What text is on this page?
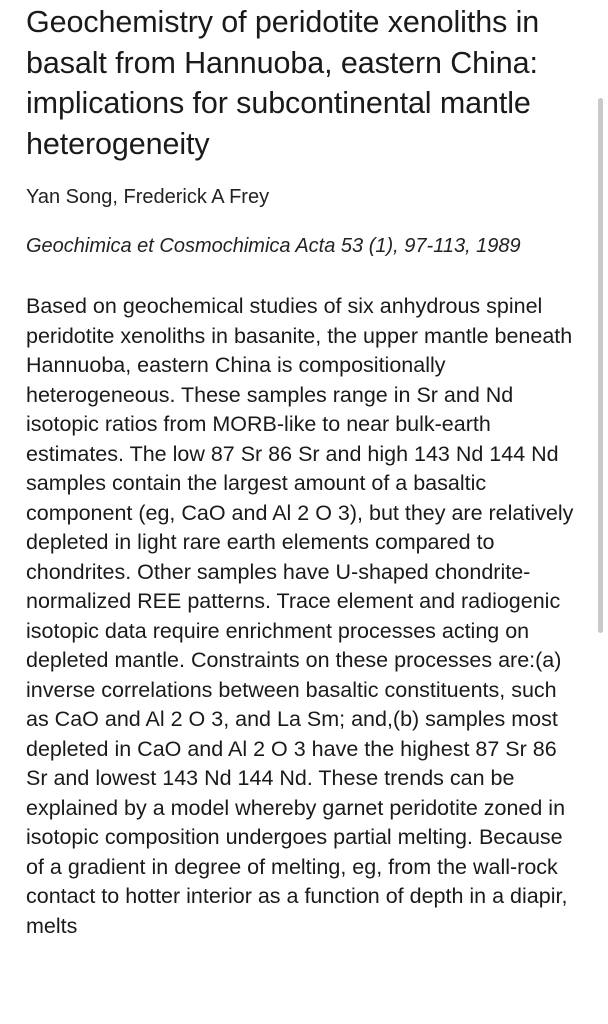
Geochemistry of peridotite xenoliths in basalt from Hannuoba, eastern China: implications for subcontinental mantle heterogeneity
Yan Song, Frederick A Frey
Geochimica et Cosmochimica Acta 53 (1), 97-113, 1989
Based on geochemical studies of six anhydrous spinel peridotite xenoliths in basanite, the upper mantle beneath Hannuoba, eastern China is compositionally heterogeneous. These samples range in Sr and Nd isotopic ratios from MORB-like to near bulk-earth estimates. The low 87 Sr 86 Sr and high 143 Nd 144 Nd samples contain the largest amount of a basaltic component (eg, CaO and Al 2 O 3), but they are relatively depleted in light rare earth elements compared to chondrites. Other samples have U-shaped chondrite-normalized REE patterns. Trace element and radiogenic isotopic data require enrichment processes acting on depleted mantle. Constraints on these processes are:(a) inverse correlations between basaltic constituents, such as CaO and Al 2 O 3, and La Sm; and,(b) samples most depleted in CaO and Al 2 O 3 have the highest 87 Sr 86 Sr and lowest 143 Nd 144 Nd. These trends can be explained by a model whereby garnet peridotite zoned in isotopic composition undergoes partial melting. Because of a gradient in degree of melting, eg, from the wall-rock contact to hotter interior as a function of depth in a diapir, melts
